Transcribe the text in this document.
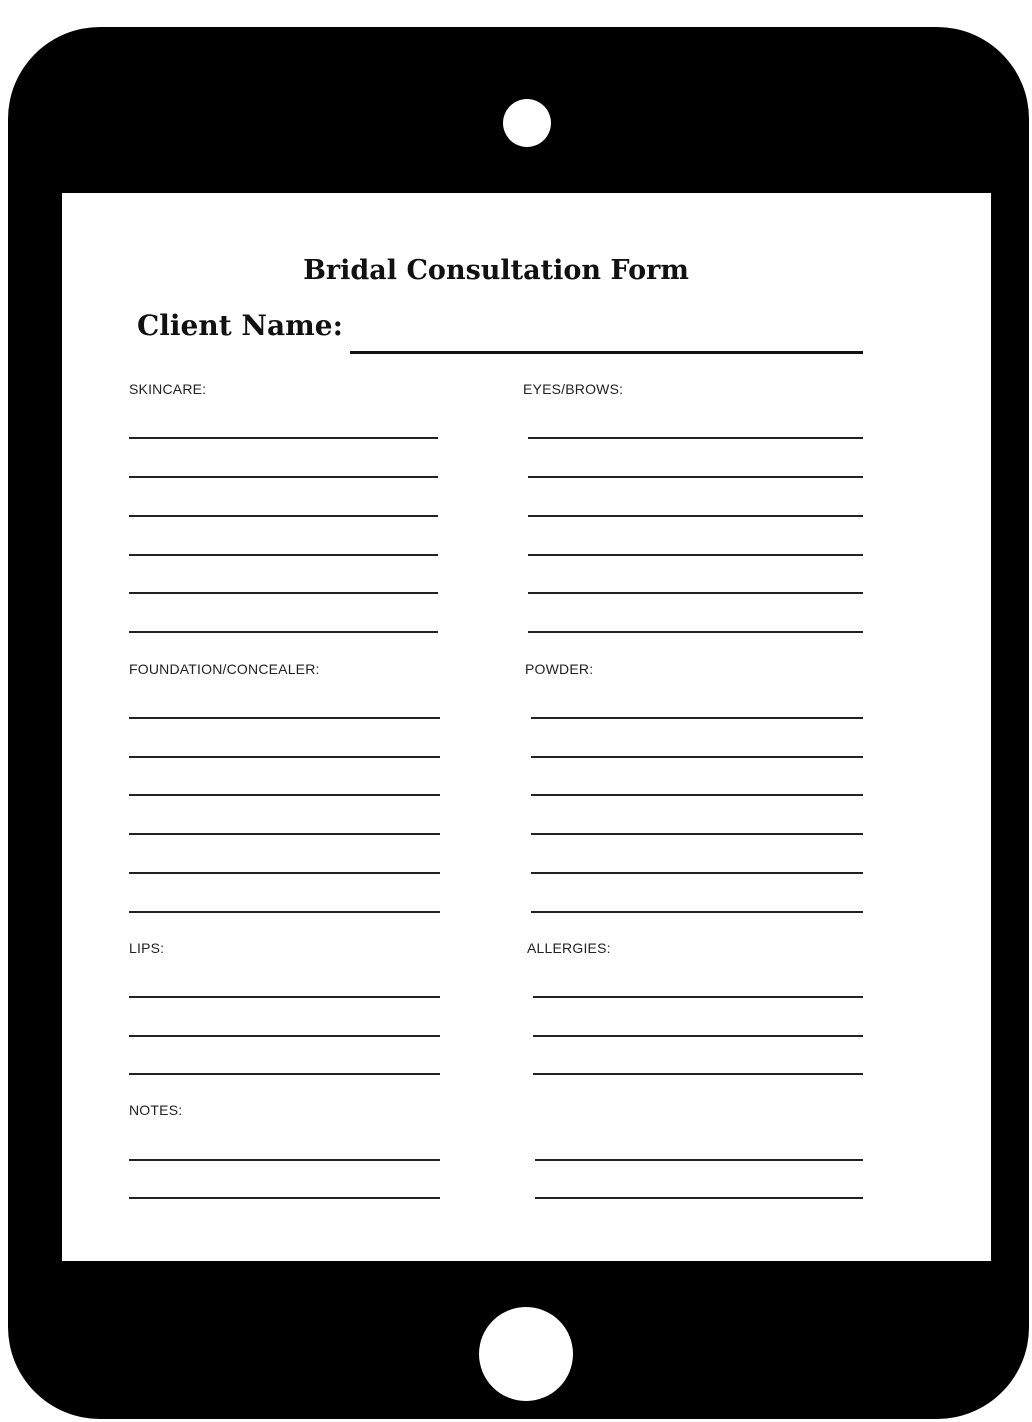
Bridal Consultation Form
Client Name:
SKINCARE:	EYES/BROWS:
FOUNDATION/CONCEALER:	POWDER:
LIPS:	ALLERGIES:
NOTES:
